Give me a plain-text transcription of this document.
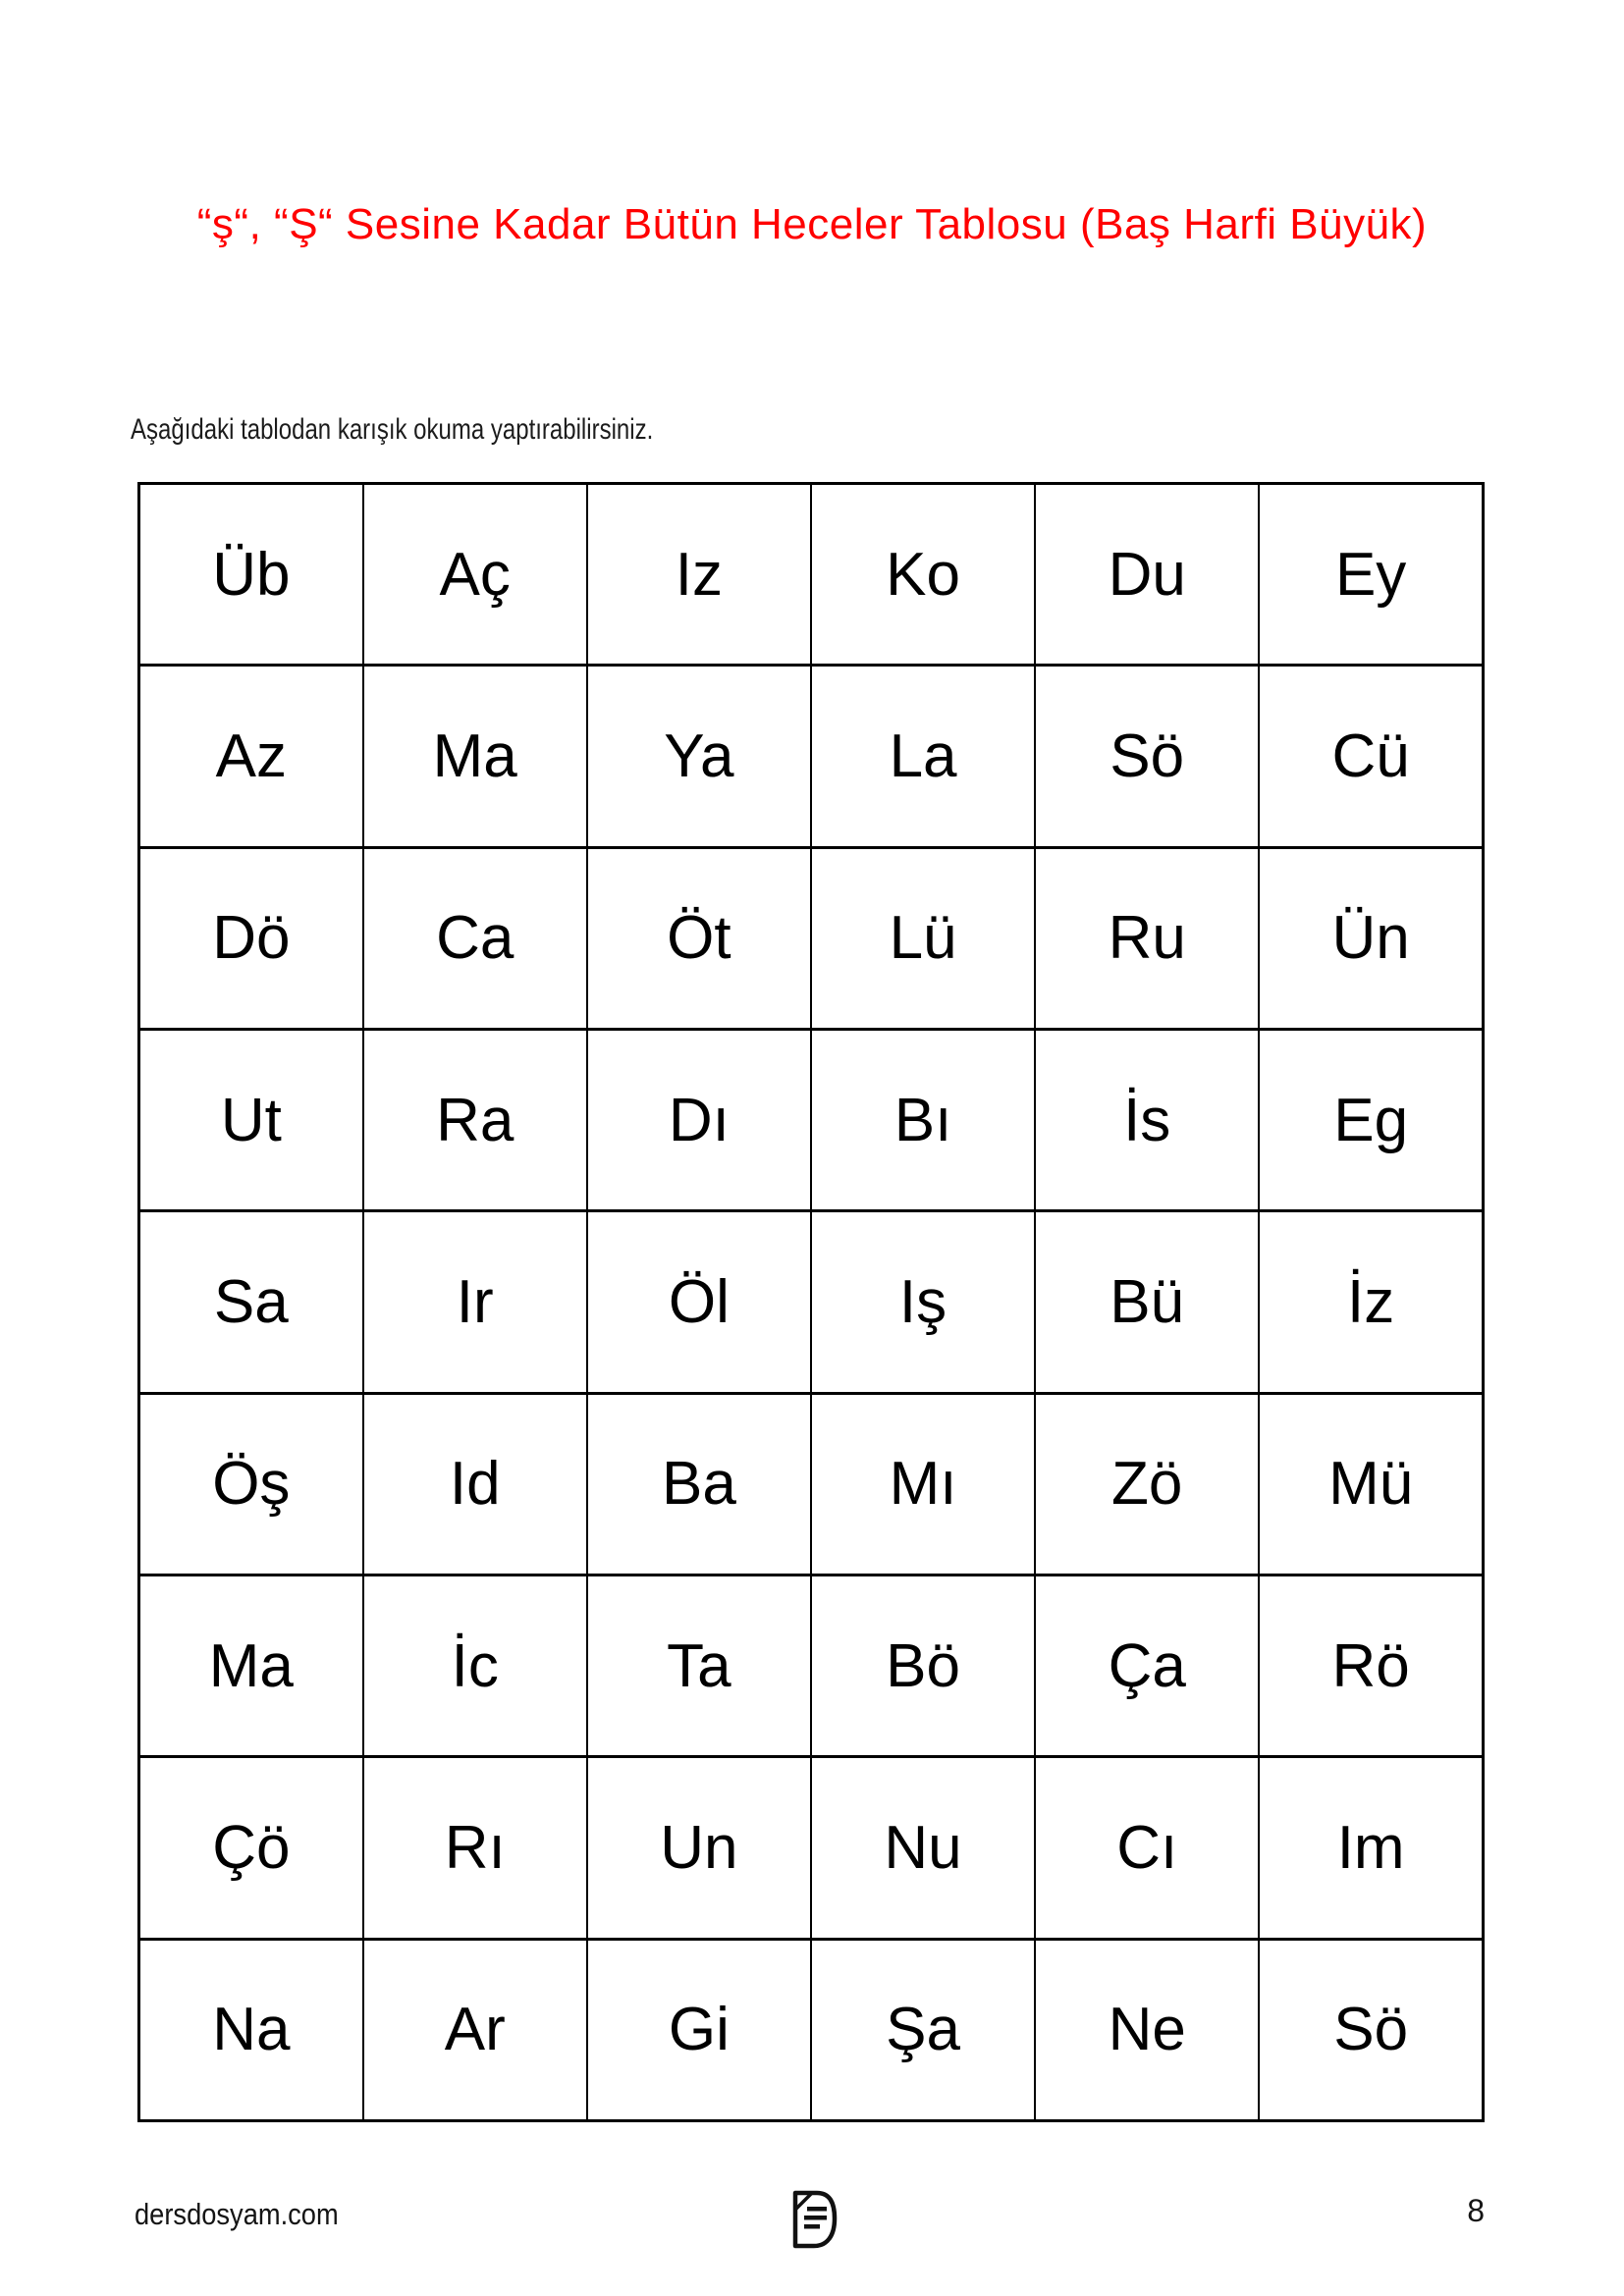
“ş“, “Ş“ Sesine Kadar Bütün Heceler Tablosu (Baş Harfi Büyük)
Aşağıdaki tablodan karışık okuma yaptırabilirsiniz.
Üb	Aç	Iz	Ko	Du	Ey
Az	Ma	Ya	La	Sö	Cü
Dö	Ca	Öt	Lü	Ru	Ün
Ut	Ra	Dı	Bı	İs	Eg
Sa	Ir	Öl	Iş	Bü	İz
Öş	Id	Ba	Mı	Zö	Mü
Ma	İc	Ta	Bö	Ça	Rö
Çö	Rı	Un	Nu	Cı	Im
Na	Ar	Gi	Şa	Ne	Sö
dersdosyam.com	8
